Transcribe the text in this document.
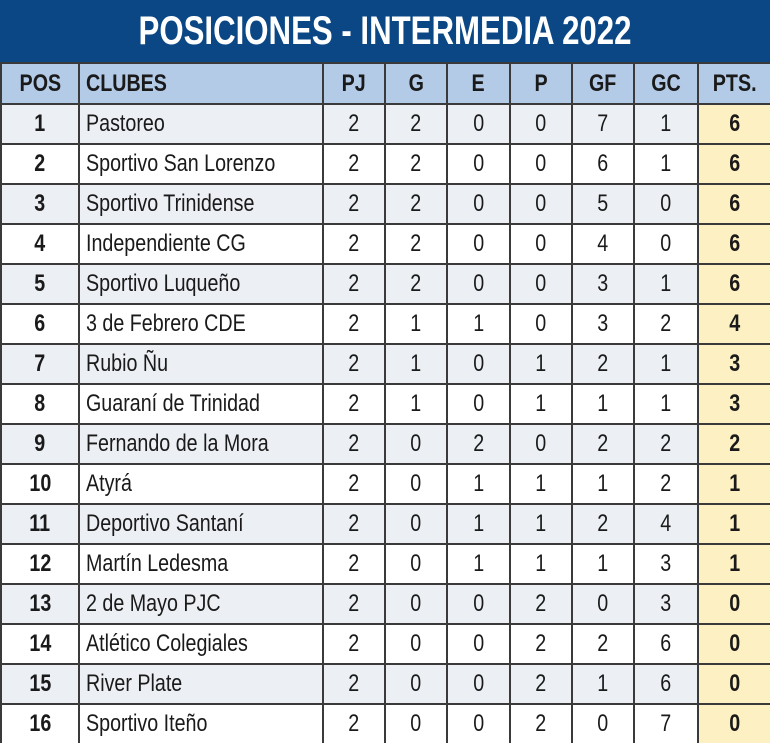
POSICIONES - INTERMEDIA 2022
POS	CLUBES	PJ	G	E	P	GF	GC	PTS.
1	Pastoreo	2	2	0	0	7	1	6
2	Sportivo San Lorenzo	2	2	0	0	6	1	6
3	Sportivo Trinidense	2	2	0	0	5	0	6
4	Independiente CG	2	2	0	0	4	0	6
5	Sportivo Luqueño	2	2	0	0	3	1	6
6	3 de Febrero CDE	2	1	1	0	3	2	4
7	Rubio Ñu	2	1	0	1	2	1	3
8	Guaraní de Trinidad	2	1	0	1	1	1	3
9	Fernando de la Mora	2	0	2	0	2	2	2
10	Atyrá	2	0	1	1	1	2	1
11	Deportivo Santaní	2	0	1	1	2	4	1
12	Martín Ledesma	2	0	1	1	1	3	1
13	2 de Mayo PJC	2	0	0	2	0	3	0
14	Atlético Colegiales	2	0	0	2	2	6	0
15	River Plate	2	0	0	2	1	6	0
16	Sportivo Iteño	2	0	0	2	0	7	0
